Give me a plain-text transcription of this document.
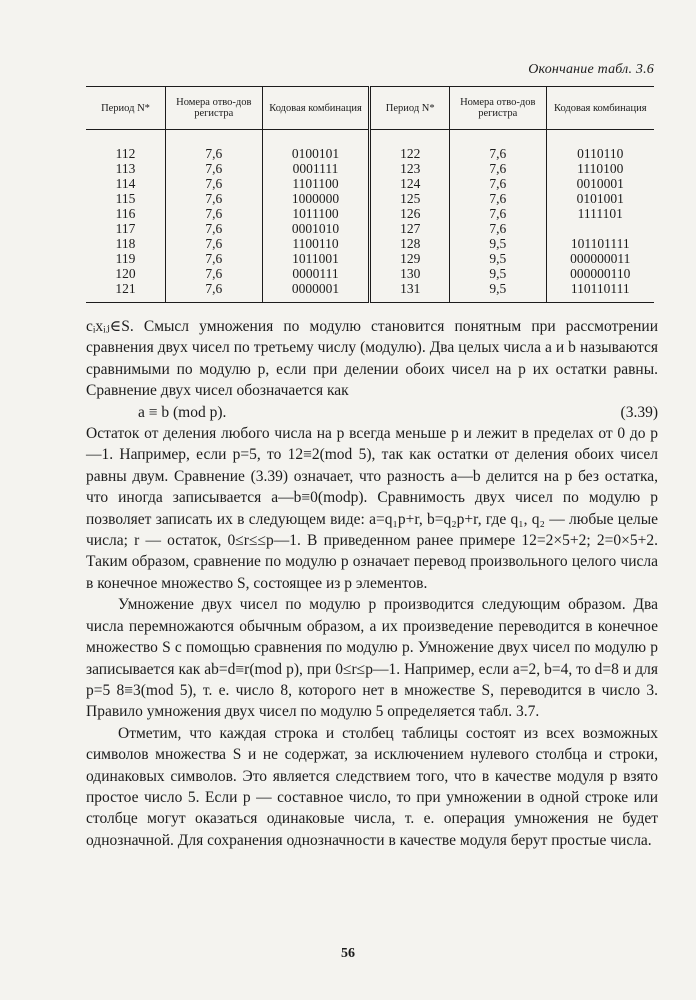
Окончание табл. 3.6
Период N*	Номера отво-дов регистра	Кодовая комбинация	Период N*	Номера отво-дов регистра	Кодовая комбинация

112	7,6	0100101	122	7,6	0110110
113	7,6	0001111	123	7,6	1110100
114	7,6	1101100	124	7,6	0010001
115	7,6	1000000	125	7,6	0101001
116	7,6	1011100	126	7,6	1111101
117	7,6	0001010	127	7,6	
118	7,6	1100110	128	9,5	101101111
119	7,6	1011001	129	9,5	000000011
120	7,6	0000111	130	9,5	000000110
121	7,6	0000001	131	9,5	110110111

cᵢxᵢⱼ∈S. Смысл умножения по модулю становится понятным при рассмотрении сравнения двух чисел по третьему числу (модулю). Два целых числа a и b называются сравнимыми по модулю p, если при делении обоих чисел на p их остатки равны. Сравнение двух чисел обозначается как

a ≡ b (mod p).	(3.39)

Остаток от деления любого числа на p всегда меньше p и лежит в пределах от 0 до p—1. Например, если p=5, то 12≡2(mod 5), так как остатки от деления обоих чисел равны двум. Сравнение (3.39) означает, что разность a—b делится на p без остатка, что иногда записывается a—b≡0(modp). Сравнимость двух чисел по модулю p позволяет записать их в следующем виде: a=q₁p+r, b=q₂p+r, где q₁, q₂ — любые целые числа; r — остаток, 0≤r≤≤p—1. В приведенном ранее примере 12=2×5+2; 2=0×5+2. Таким образом, сравнение по модулю p означает перевод произвольного целого числа в конечное множество S, состоящее из p элементов.

Умножение двух чисел по модулю p производится следующим образом. Два числа перемножаются обычным образом, а их произведение переводится в конечное множество S с помощью сравнения по модулю p. Умножение двух чисел по модулю p записывается как ab=d≡r(mod p), при 0≤r≤p—1. Например, если a=2, b=4, то d=8 и для p=5 8≡3(mod 5), т. е. число 8, которого нет в множестве S, переводится в число 3. Правило умножения двух чисел по модулю 5 определяется табл. 3.7.

Отметим, что каждая строка и столбец таблицы состоят из всех возможных символов множества S и не содержат, за исключением нулевого столбца и строки, одинаковых символов. Это является следствием того, что в качестве модуля p взято простое число 5. Если p — составное число, то при умножении в одной строке или столбце могут оказаться одинаковые числа, т. е. операция умножения не будет однозначной. Для сохранения однозначности в качестве модуля берут простые числа.

56
